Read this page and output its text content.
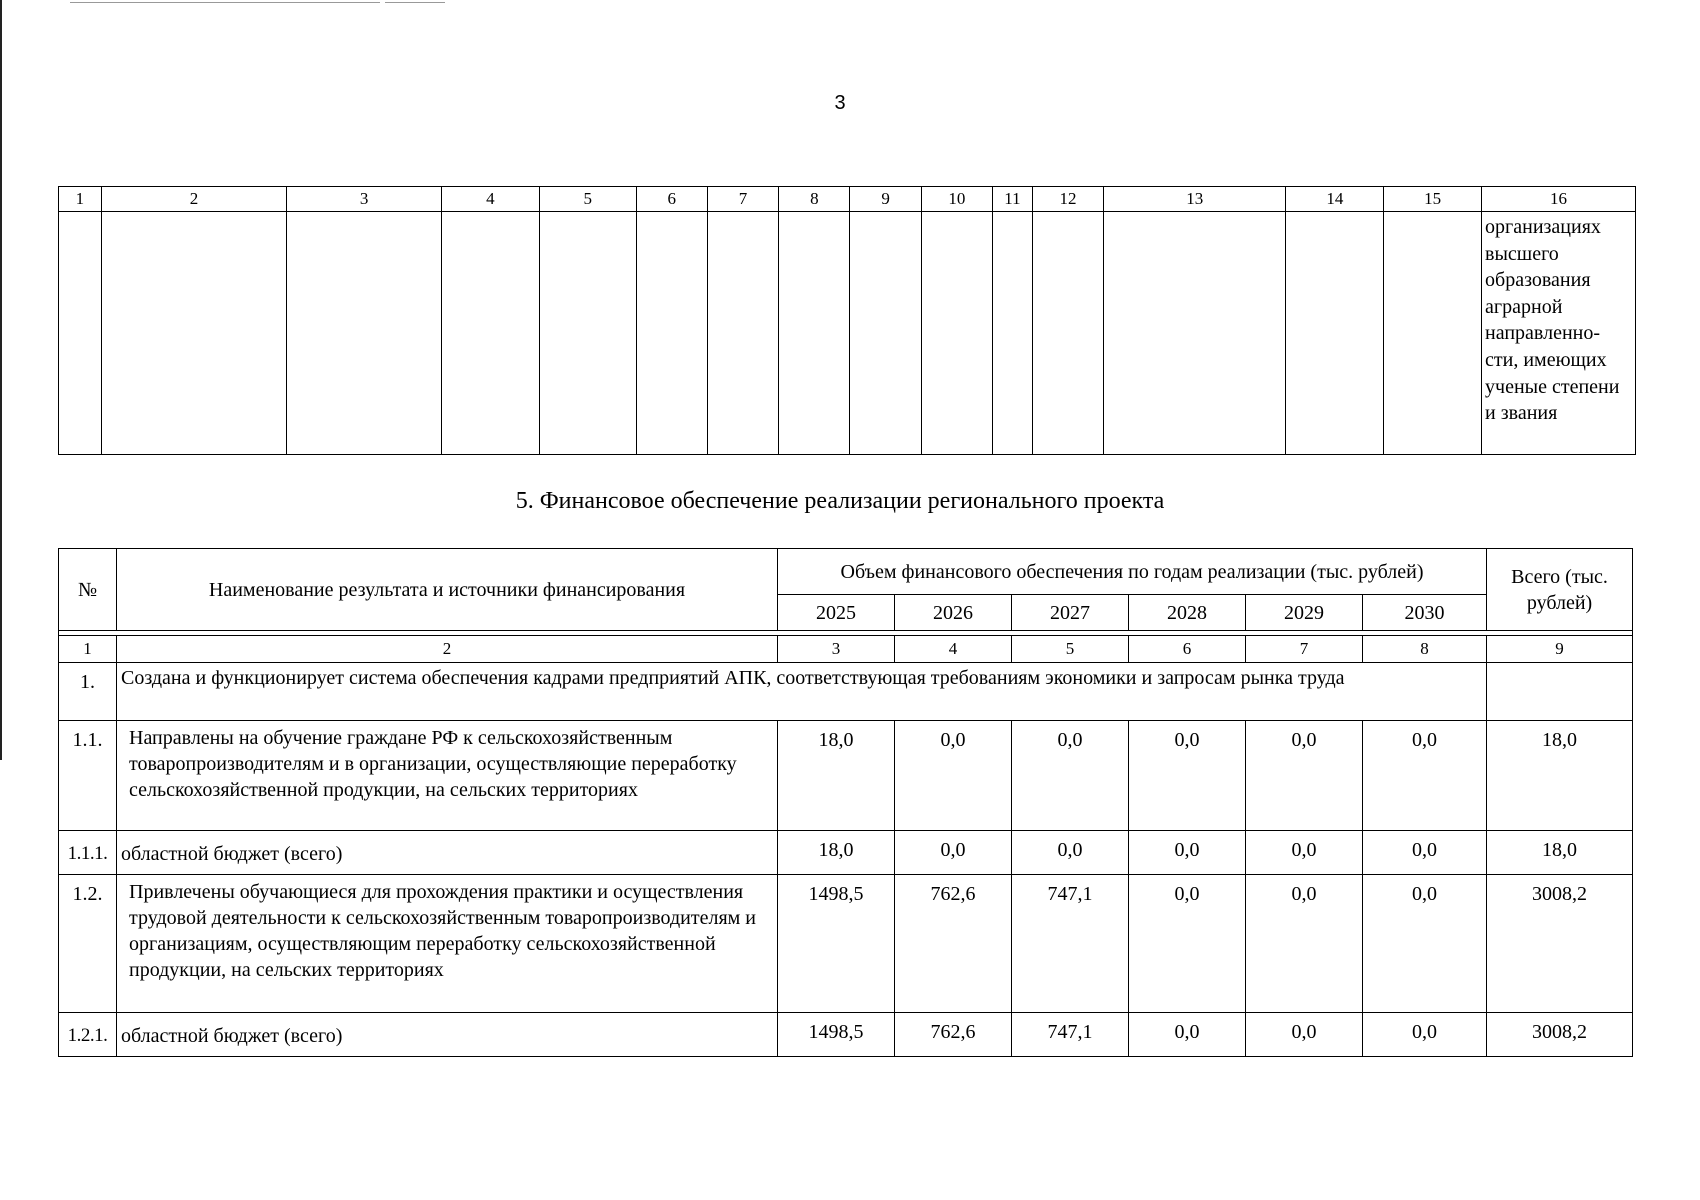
3
1	2	3	4	5	6	7	8	9	10	11	12	13	14	15	16
															организациях высшего образования аграрной направленно-сти, имеющих ученые степени и звания
5. Финансовое обеспечение реализации регионального проекта
№	Наименование результата и источники финансирования	Объем финансового обеспечения по годам реализации (тыс. рублей)						Всего (тыс. рублей)
		2025	2026	2027	2028	2029	2030	

1	2	3	4	5	6	7	8	9
1.	Создана и функционирует система обеспечения кадрами предприятий АПК, соответствующая требованиям экономики и запросам рынка труда							
1.1.	Направлены на обучение граждане РФ к сельскохозяйственным товаропроизводителям и в организации, осуществляющие переработку сельскохозяйственной продукции, на сельских территориях	18,0	0,0	0,0	0,0	0,0	0,0	18,0
1.1.1.	областной бюджет (всего)	18,0	0,0	0,0	0,0	0,0	0,0	18,0
1.2.	Привлечены обучающиеся для прохождения практики и осуществления трудовой деятельности к сельскохозяйственным товаропроизводителям и организациям, осуществляющим переработку сельскохозяйственной продукции, на сельских территориях	1498,5	762,6	747,1	0,0	0,0	0,0	3008,2
1.2.1.	областной бюджет (всего)	1498,5	762,6	747,1	0,0	0,0	0,0	3008,2
